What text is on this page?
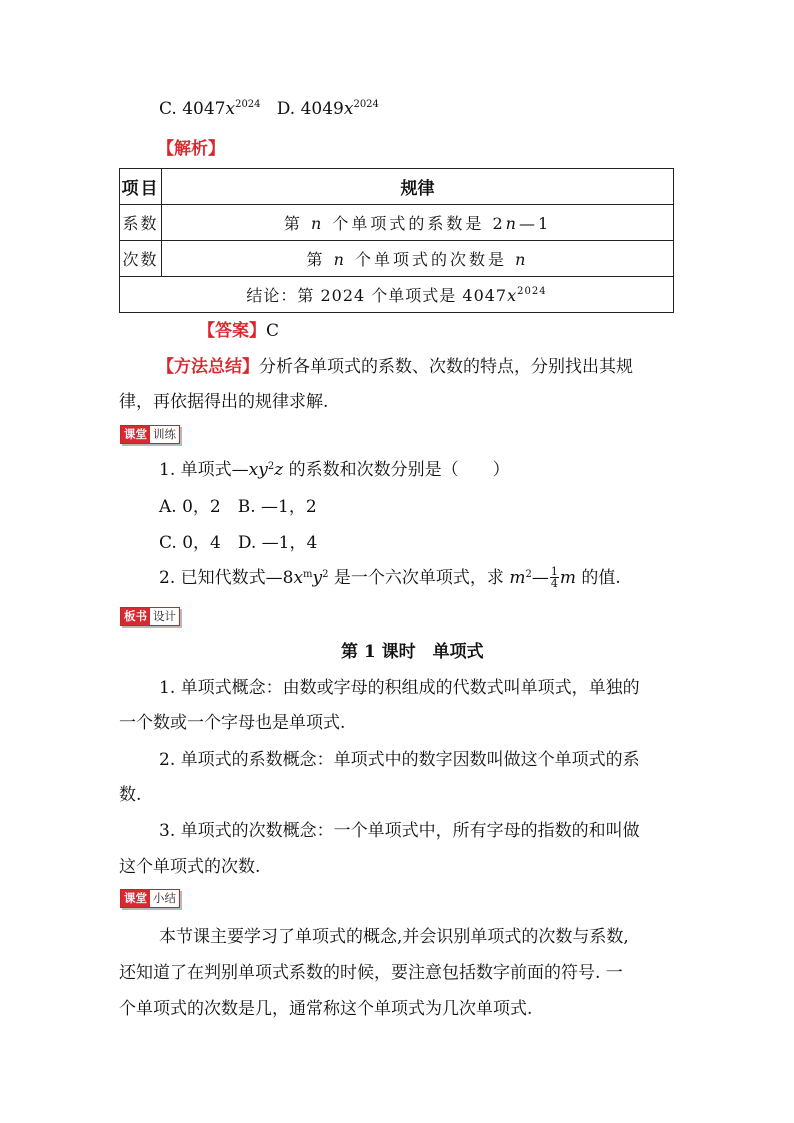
C. $4047x^{2024}$ D. $4049x^{2024}$
【解析】
项目	规律
系数	第 n 个单项式的系数是 2n—1
次数	第 n 个单项式的次数是 n
结论：第 2024 个单项式是 $4047x^{2024}$
【答案】C
【方法总结】分析各单项式的系数、次数的特点，分别找出其规
律，再依据得出的规律求解.
课堂 训练
1. 单项式$—xy^2z$ 的系数和次数分别是（　　）
A. 0，2　B. —1，2
C. 0，4　D. —1，4
2. 已知代数式$—8x^my^2$ 是一个六次单项式，求 $m^2— \frac{1}{4}$ m 的值.
板书 设计
第 1 课时　单项式
1. 单项式概念：由数或字母的积组成的代数式叫单项式，单独的
一个数或一个字母也是单项式.
2. 单项式的系数概念：单项式中的数字因数叫做这个单项式的系
数.
3. 单项式的次数概念：一个单项式中，所有字母的指数的和叫做
这个单项式的次数.
课堂 小结
本节课主要学习了单项式的概念,并会识别单项式的次数与系数,
还知道了在判别单项式系数的时候，要注意包括数字前面的符号. 一
个单项式的次数是几，通常称这个单项式为几次单项式.
